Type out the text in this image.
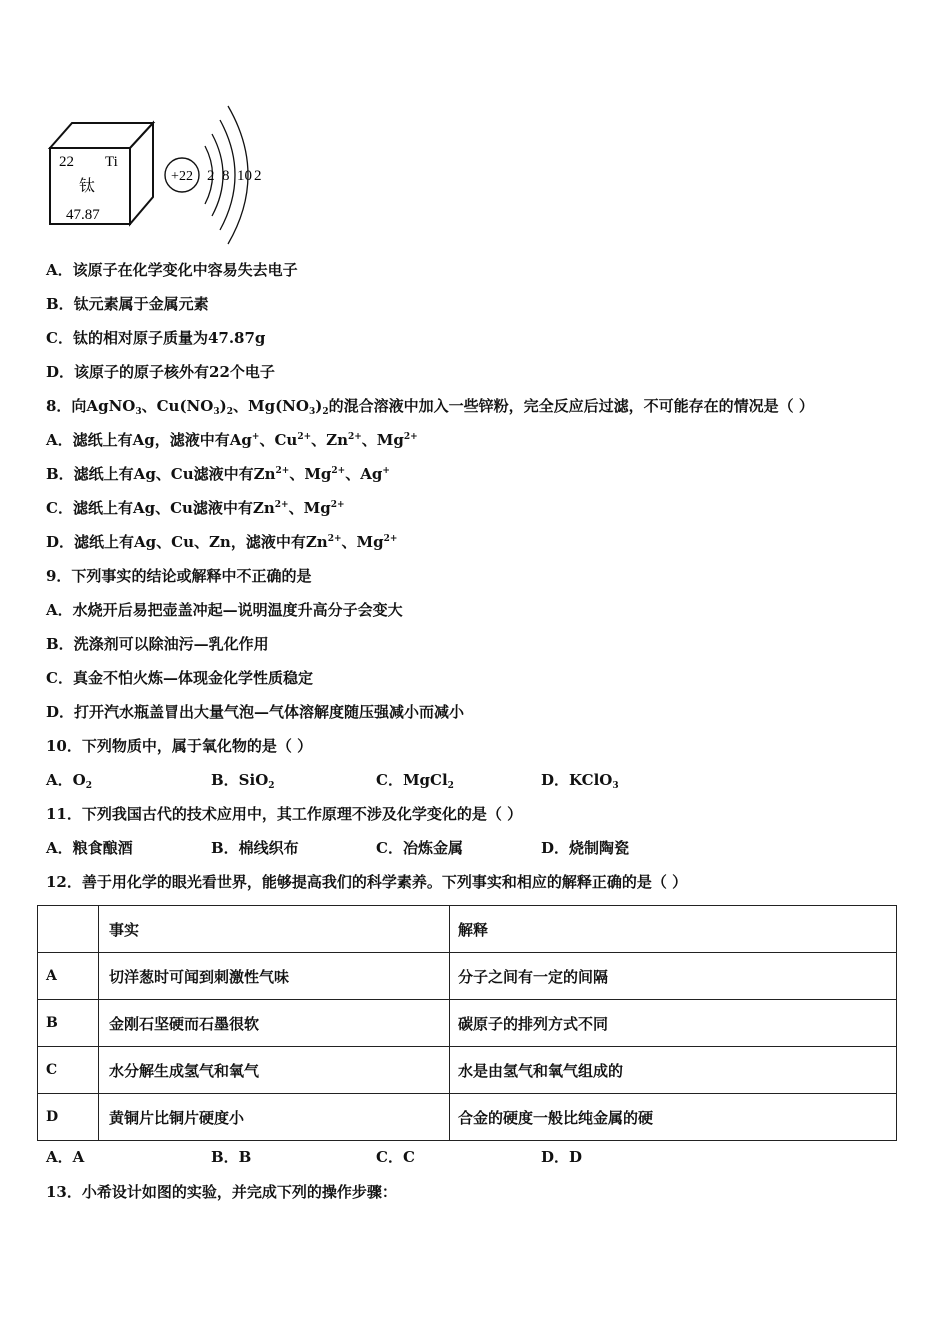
22 Ti
钛
47.87
+22 2 8 10 2
A．该原子在化学变化中容易失去电子
B．钛元素属于金属元素
C．钛的相对原子质量为47.87g
D．该原子的原子核外有22个电子
8．向AgNO$_3$、$Cu(NO_3)_2$、$Mg(NO_3)_2$的混合溶液中加入一些锌粉，完全反应后过滤，不可能存在的情况是（ ）
A．滤纸上有Ag，滤液中有Ag+、$Cu^{2+}$、$Zn^{2+}$、$Mg^{2+}$
B．滤纸上有Ag、Cu滤液中有$Zn^{2+}$、$Mg^{2+}$、Ag+
C．滤纸上有Ag、Cu滤液中有$Zn^{2+}$、$Mg^{2+}$
D．滤纸上有Ag、Cu、Zn，滤液中有$Zn^{2+}$、$Mg^{2+}$
9．下列事实的结论或解释中不正确的是
A．水烧开后易把壶盖冲起—说明温度升高分子会变大
B．洗涤剂可以除油污—乳化作用
C．真金不怕火炼—体现金化学性质稳定
D．打开汽水瓶盖冒出大量气泡—气体溶解度随压强减小而减小
10．下列物质中，属于氧化物的是（ ）
A．$O_2$	B．SiO$_2$	C．MgCl$_2$	D．KClO$_3$
11．下列我国古代的技术应用中，其工作原理不涉及化学变化的是（ ）
A．粮食酿酒	B．棉线织布	C．冶炼金属	D．烧制陶瓷
12．善于用化学的眼光看世界，能够提高我们的科学素养。下列事实和相应的解释正确的是（ ）
	事实	解释
A	切洋葱时可闻到刺激性气味	分子之间有一定的间隔
B	金刚石坚硬而石墨很软	碳原子的排列方式不同
C	水分解生成氢气和氧气	水是由氢气和氧气组成的
D	黄铜片比铜片硬度小	合金的硬度一般比纯金属的硬
A．A	B．B	C．C	D．D
13．小希设计如图的实验，并完成下列的操作步骤：
